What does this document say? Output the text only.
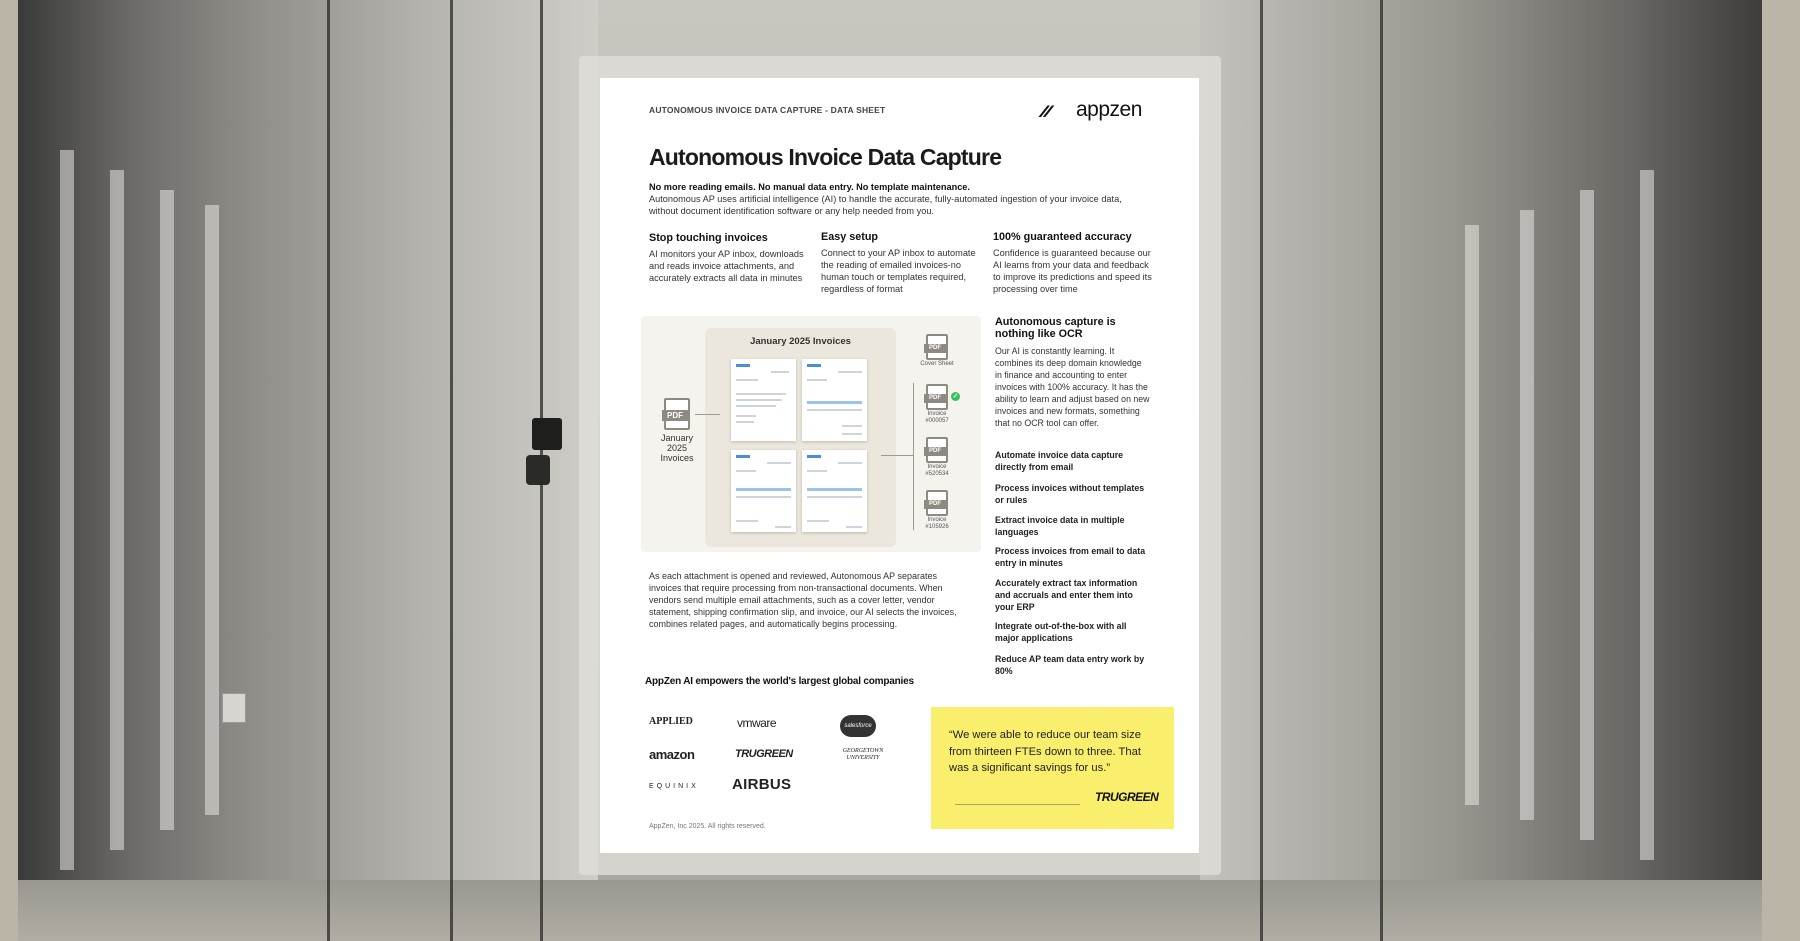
AUTONOMOUS INVOICE DATA CAPTURE - DATA SHEET	⁄⁄ ⁄⁄ appzen
Autonomous Invoice Data Capture
No more reading emails. No manual data entry. No template maintenance.
Autonomous AP uses artificial intelligence (AI) to handle the accurate, fully-automated ingestion of your invoice data, without document identification software or any help needed from you.
Stop touching invoices
AI monitors your AP inbox, downloads and reads invoice attachments, and accurately extracts all data in minutes
Easy setup
Connect to your AP inbox to automate the reading of emailed invoices-no human touch or templates required, regardless of format
100% guaranteed accuracy
Confidence is guaranteed because our AI learns from your data and feedback to improve its predictions and speed its processing over time
January 2025 Invoices
PDF
January 2025 Invoices
PDF
Cover Sheet
PDF	✓
Invoice #000057
PDF
Invoice #520534
PDF
Invoice #105926
Autonomous capture is nothing like OCR
Our AI is constantly learning. It combines its deep domain knowledge in finance and accounting to enter invoices with 100% accuracy. It has the ability to learn and adjust based on new invoices and new formats, something that no OCR tool can offer.
Automate invoice data capture directly from email
Process invoices without templates or rules
Extract invoice data in multiple languages
Process invoices from email to data entry in minutes
Accurately extract tax information and accruals and enter them into your ERP
Integrate out-of-the-box with all major applications
Reduce AP team data entry work by 80%
As each attachment is opened and reviewed, Autonomous AP separates invoices that require processing from non-transactional documents. When vendors send multiple email attachments, such as a cover letter, vendor statement, shipping confirmation slip, and invoice, our AI selects the invoices, combines related pages, and automatically begins processing.
AppZen AI empowers the world's largest global companies
APPLIED	vmware	salesforce
amazon	TRUGREEN	GEORGETOWN UNIVERSITY
EQUINIX AIRBUS
“We were able to reduce our team size from thirteen FTEs down to three. That was a significant savings for us.”
TRUGREEN
AppZen, Inc 2025. All rights reserved.
